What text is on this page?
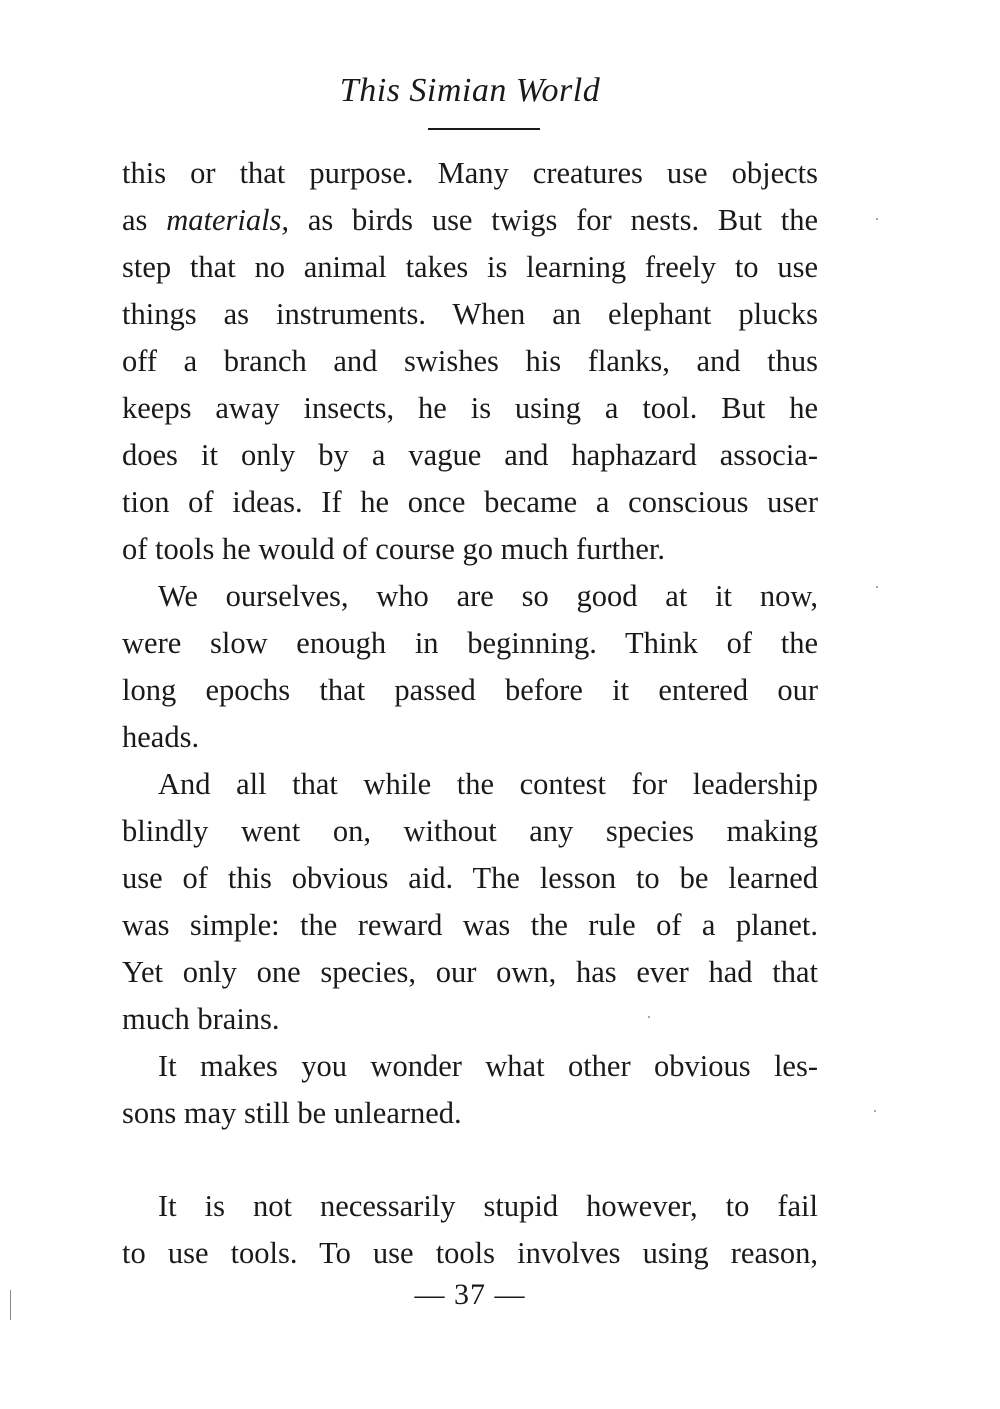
This Simian World
this or that purpose. Many creatures use objects
as materials, as birds use twigs for nests. But the
step that no animal takes is learning freely to use
things as instruments. When an elephant plucks
off a branch and swishes his flanks, and thus
keeps away insects, he is using a tool. But he
does it only by a vague and haphazard associa-
tion of ideas. If he once became a conscious user
of tools he would of course go much further.
We ourselves, who are so good at it now,
were slow enough in beginning. Think of the
long epochs that passed before it entered our
heads.
And all that while the contest for leadership
blindly went on, without any species making
use of this obvious aid. The lesson to be learned
was simple: the reward was the rule of a planet.
Yet only one species, our own, has ever had that
much brains.
It makes you wonder what other obvious les-
sons may still be unlearned.
It is not necessarily stupid however, to fail
to use tools. To use tools involves using reason,
— 37 —
